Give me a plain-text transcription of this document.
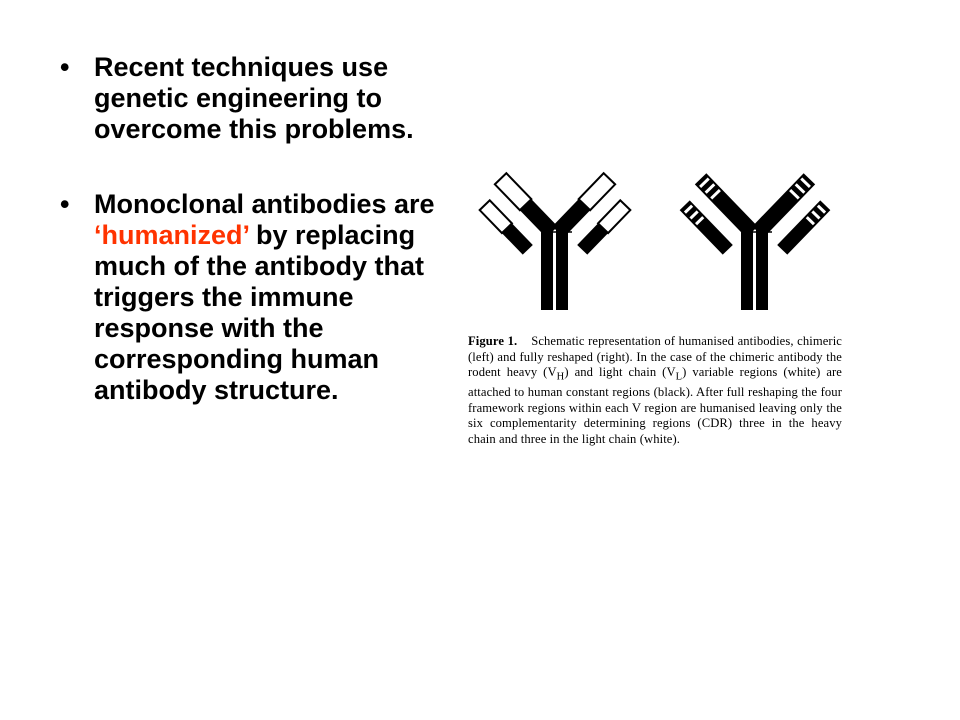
• Recent techniques use genetic engineering to overcome this problems.
• Monoclonal antibodies are ‘humanized’ by replacing much of the antibody that triggers the immune response with the corresponding human antibody structure.
Figure 1. Schematic representation of humanised antibodies, chimeric (left) and fully reshaped (right). In the case of the chimeric antibody the rodent heavy $(V_H)$ and light chain $(V_L)$ variable regions (white) are attached to human constant regions (black). After full reshaping the four framework regions within each V region are humanised leaving only the six complementarity determining regions (CDR) three in the heavy chain and three in the light chain (white).
